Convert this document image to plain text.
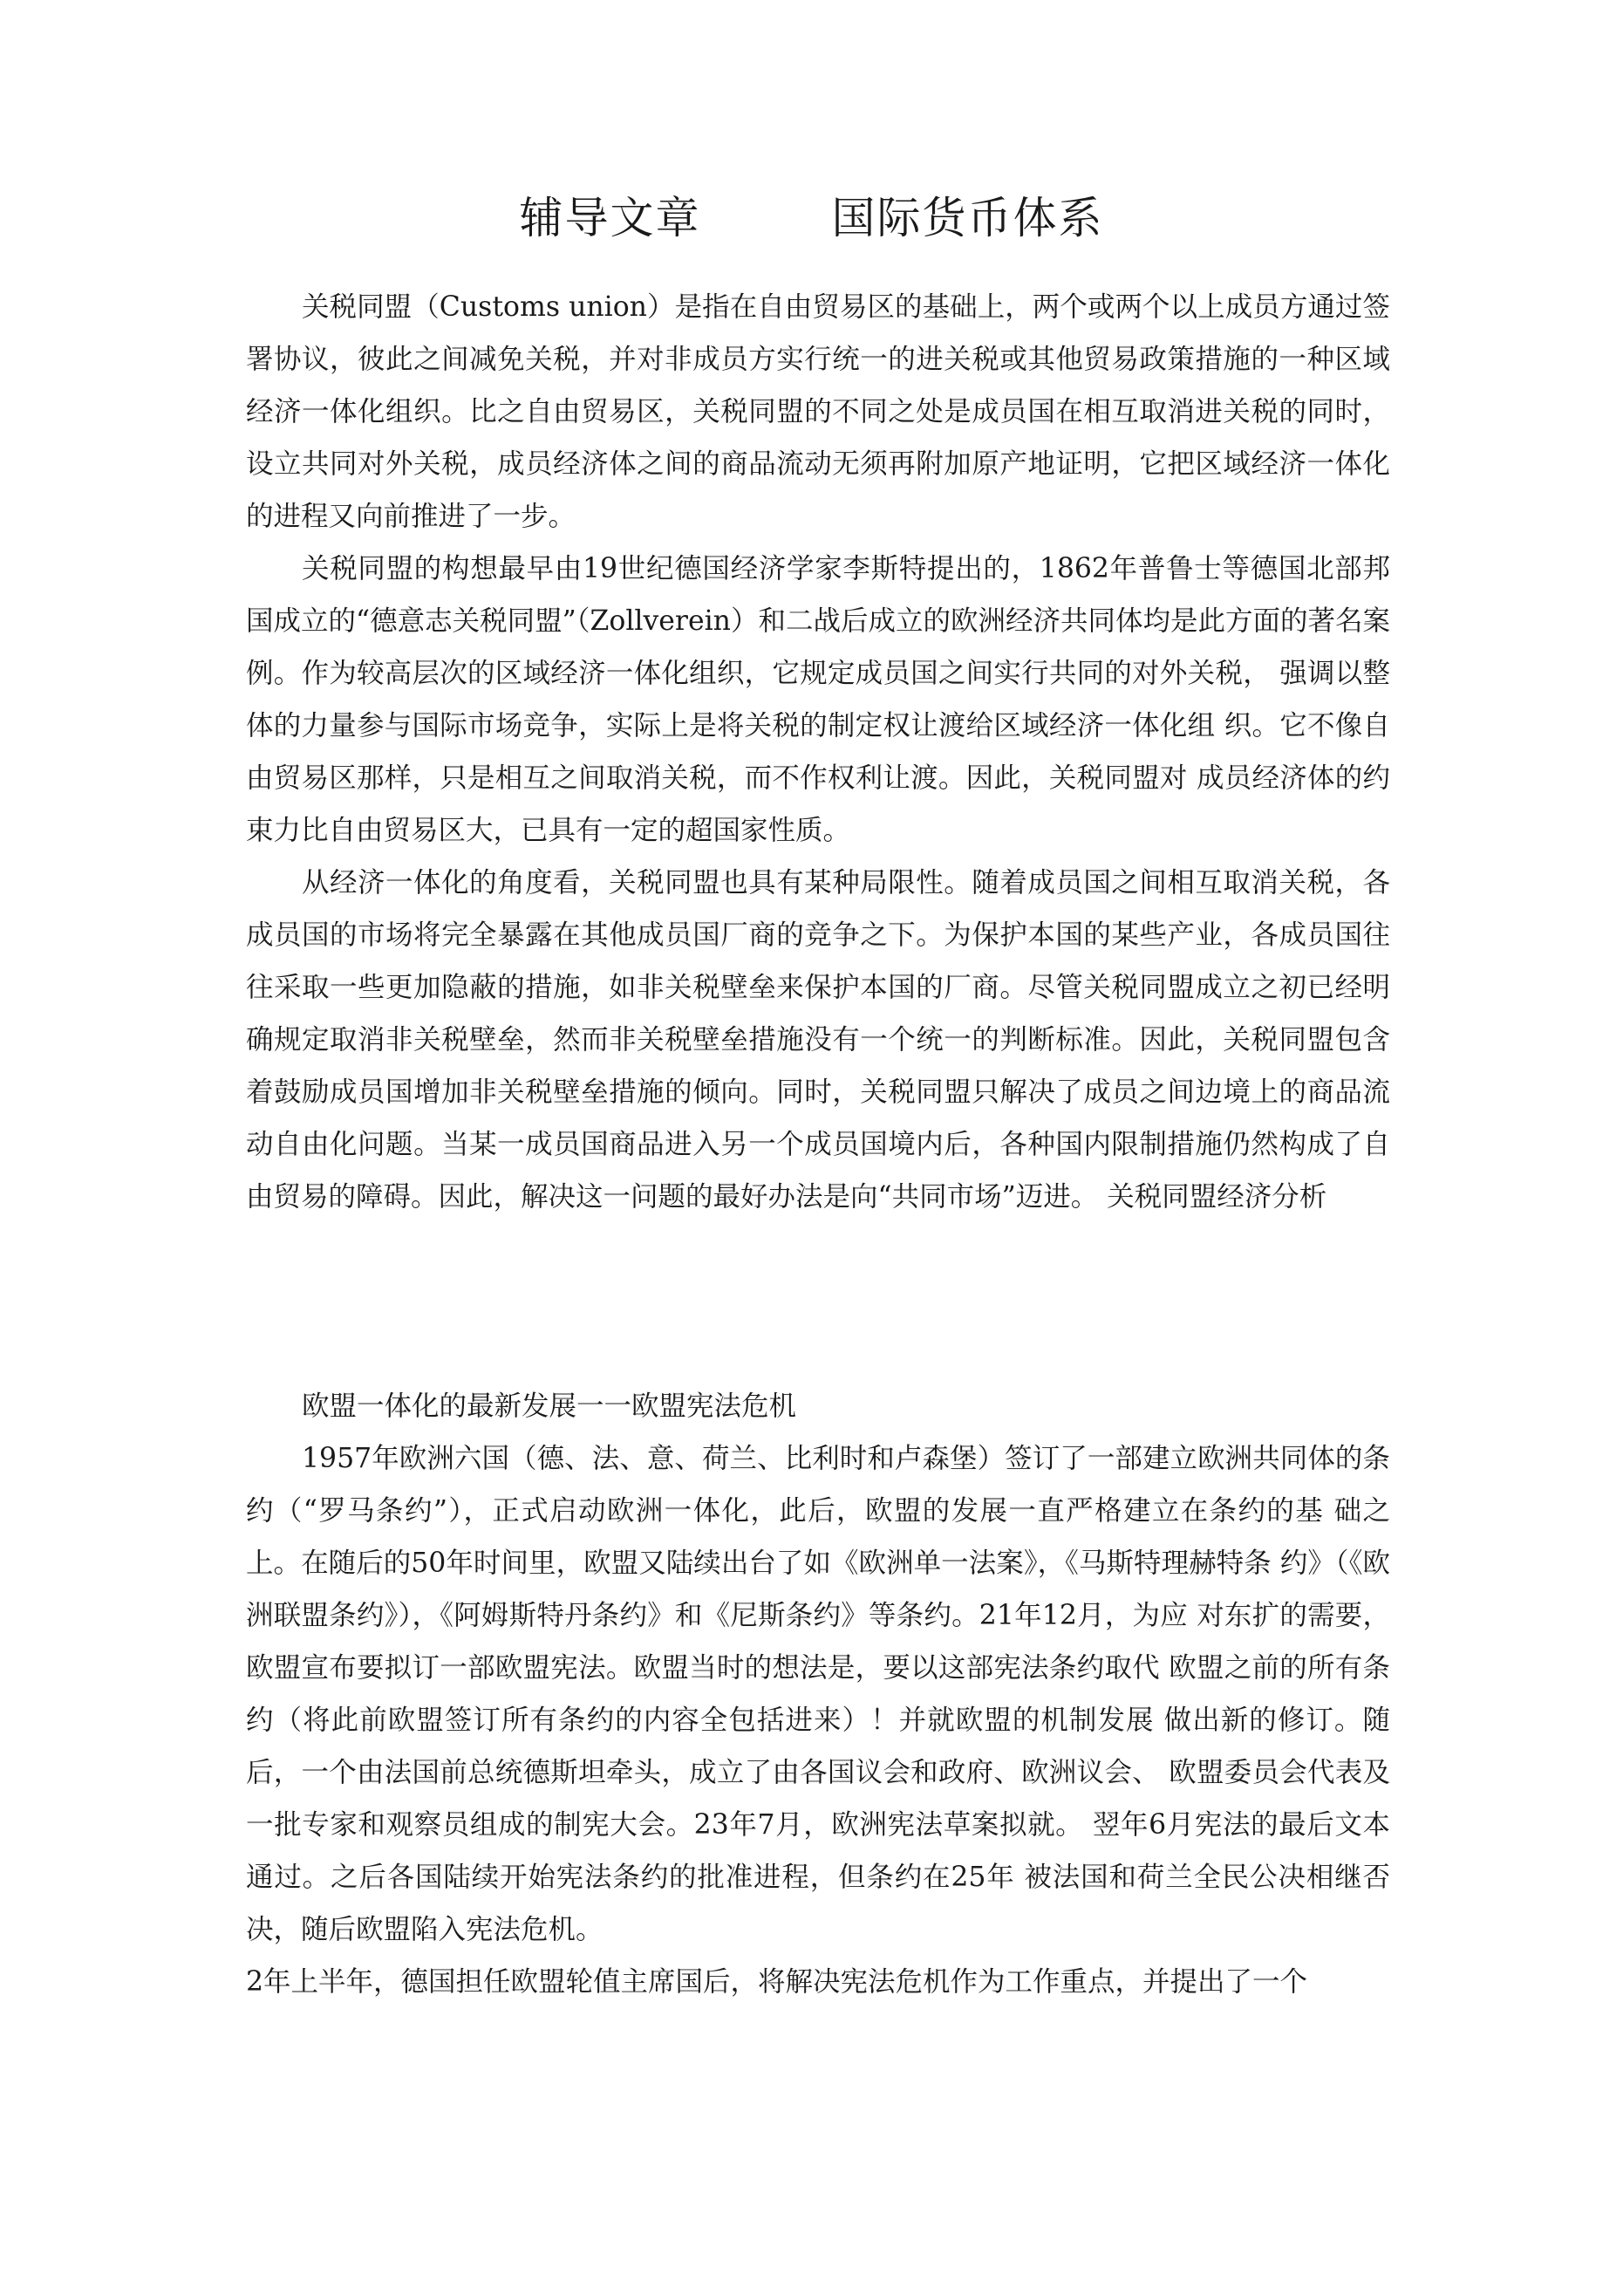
辅导文章	国际货币体系

关税同盟（Customs union）是指在自由贸易区的基础上，两个或两个以上成员方通过签署协议，彼此之间减免关税，并对非成员方实行统一的进关税或其他贸易政策措施的一种区域经济一体化组织。比之自由贸易区，关税同盟的不同之处是成员国在相互取消进关税的同时，设立共同对外关税，成员经济体之间的商品流动无须再附加原产地证明，它把区域经济一体化的进程又向前推进了一步。

关税同盟的构想最早由19世纪德国经济学家李斯特提出的，1862年普鲁士等德国北部邦国成立的“德意志关税同盟”（Zollverein）和二战后成立的欧洲经济共同体均是此方面的著名案例。作为较高层次的区域经济一体化组织，它规定成员国之间实行共同的对外关税， 强调以整体的力量参与国际市场竞争，实际上是将关税的制定权让渡给区域经济一体化组 织。它不像自由贸易区那样，只是相互之间取消关税，而不作权利让渡。因此，关税同盟对 成员经济体的约束力比自由贸易区大，已具有一定的超国家性质。

从经济一体化的角度看，关税同盟也具有某种局限性。随着成员国之间相互取消关税，各成员国的市场将完全暴露在其他成员国厂商的竞争之下。为保护本国的某些产业，各成员国往往采取一些更加隐蔽的措施，如非关税壁垒来保护本国的厂商。尽管关税同盟成立之初已经明确规定取消非关税壁垒，然而非关税壁垒措施没有一个统一的判断标准。因此，关税同盟包含着鼓励成员国增加非关税壁垒措施的倾向。同时，关税同盟只解决了成员之间边境上的商品流动自由化问题。当某一成员国商品进入另一个成员国境内后，各种国内限制措施仍然构成了自由贸易的障碍。因此，解决这一问题的最好办法是向“共同市场”迈进。 关税同盟经济分析

欧盟一体化的最新发展一一欧盟宪法危机

1957年欧洲六国（德、法、意、荷兰、比利时和卢森堡）签订了一部建立欧洲共同体的条约（“罗马条约”），正式启动欧洲一体化，此后，欧盟的发展一直严格建立在条约的基 础之上。在随后的50年时间里，欧盟又陆续出台了如《欧洲单一法案》，《马斯特理赫特条 约》（《欧洲联盟条约》），《阿姆斯特丹条约》和《尼斯条约》等条约。21年12月，为应 对东扩的需要，欧盟宣布要拟订一部欧盟宪法。欧盟当时的想法是，要以这部宪法条约取代 欧盟之前的所有条约（将此前欧盟签订所有条约的内容全包括进来）！并就欧盟的机制发展 做出新的修订。随后，一个由法国前总统德斯坦牵头，成立了由各国议会和政府、欧洲议会、 欧盟委员会代表及一批专家和观察员组成的制宪大会。23年7月，欧洲宪法草案拟就。 翌年6月宪法的最后文本通过。之后各国陆续开始宪法条约的批准进程，但条约在25年 被法国和荷兰全民公决相继否决，随后欧盟陷入宪法危机。

2年上半年，德国担任欧盟轮值主席国后，将解决宪法危机作为工作重点，并提出了一个
